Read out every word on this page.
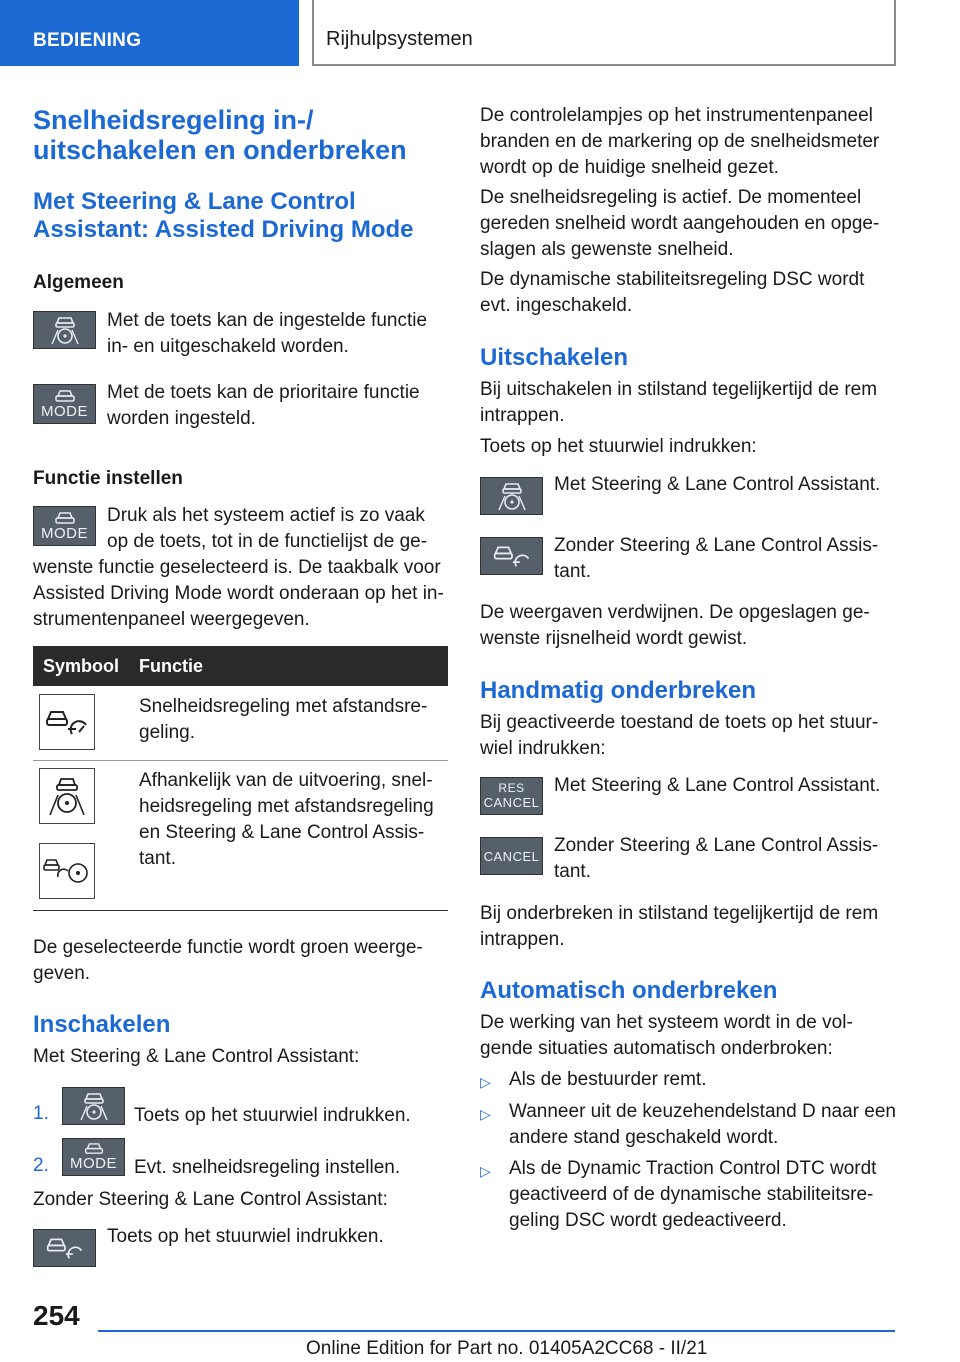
BEDIENING	Rijhulpsystemen
Snelheidsregeling in-/
uitschakelen en onderbreken
Met Steering & Lane Control
Assistant: Assisted Driving Mode
Algemeen
Met de toets kan de ingestelde functie
in- en uitgeschakeld worden.
MODE
Met de toets kan de prioritaire functie
worden ingesteld.
Functie instellen
MODE
Druk als het systeem actief is zo vaak
op de toets, tot in de functielijst de ge-
wenste functie geselecteerd is. De taakbalk voor
Assisted Driving Mode wordt onderaan op het in-
strumentenpaneel weergegeven.
Symbool Functie
Snelheidsregeling met afstandsre-
geling.
Afhankelijk van de uitvoering, snel-
heidsregeling met afstandsregeling
en Steering & Lane Control Assis-
tant.
De geselecteerde functie wordt groen weerge-
geven.
Inschakelen
Met Steering & Lane Control Assistant:
1.	Toets op het stuurwiel indrukken.
2. MODE Evt. snelheidsregeling instellen.
Zonder Steering & Lane Control Assistant:
Toets op het stuurwiel indrukken.
De controlelampjes op het instrumentenpaneel
branden en de markering op de snelheidsmeter
wordt op de huidige snelheid gezet.
De snelheidsregeling is actief. De momenteel
gereden snelheid wordt aangehouden en opge-
slagen als gewenste snelheid.
De dynamische stabiliteitsregeling DSC wordt
evt. ingeschakeld.
Uitschakelen
Bij uitschakelen in stilstand tegelijkertijd de rem
intrappen.
Toets op het stuurwiel indrukken:
Met Steering & Lane Control Assistant.
Zonder Steering & Lane Control Assis-
tant.
De weergaven verdwijnen. De opgeslagen ge-
wenste rijsnelheid wordt gewist.
Handmatig onderbreken
Bij geactiveerde toestand de toets op het stuur-
wiel indrukken:
RES
CANCEL
Met Steering & Lane Control Assistant.
CANCEL Zonder Steering & Lane Control Assis-
tant.
Bij onderbreken in stilstand tegelijkertijd de rem
intrappen.
Automatisch onderbreken
De werking van het systeem wordt in de vol-
gende situaties automatisch onderbroken:
▷ Als de bestuurder remt.
▷ Wanneer uit de keuzehendelstand D naar een
andere stand geschakeld wordt.
▷ Als de Dynamic Traction Control DTC wordt
geactiveerd of de dynamische stabiliteitsre-
geling DSC wordt gedeactiveerd.
254
Online Edition for Part no. 01405A2CC68 - II/21
